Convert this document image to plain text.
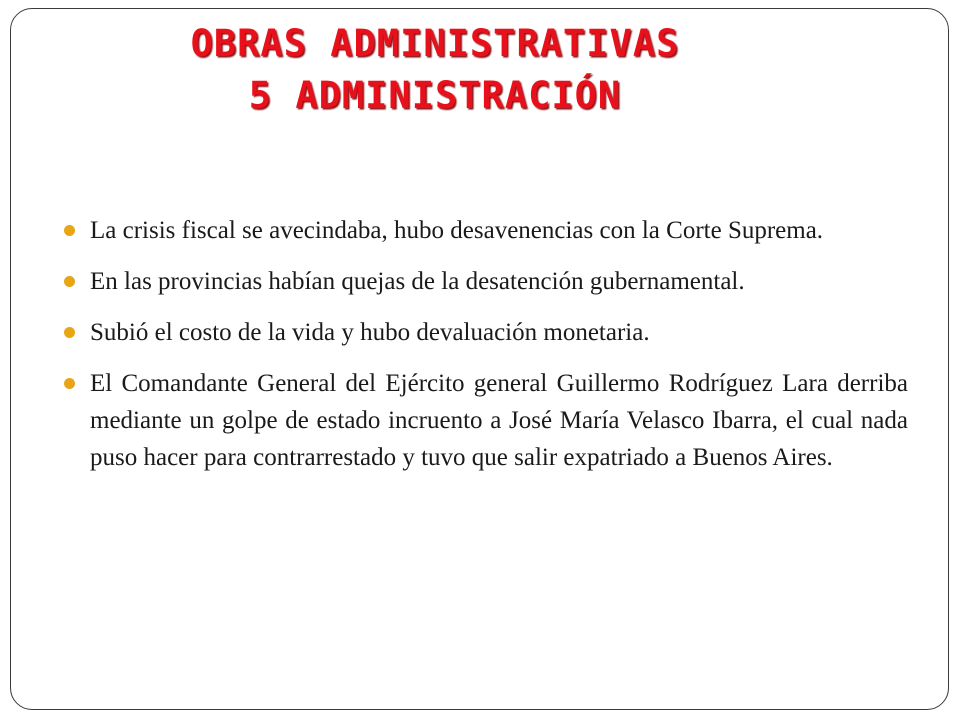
OBRAS ADMINISTRATIVAS
5 ADMINISTRACIÓN
La crisis fiscal se avecindaba, hubo desavenencias con la Corte Suprema.
En las provincias habían quejas de la desatención gubernamental.
Subió el costo de la vida y hubo devaluación monetaria.
El Comandante General del Ejército general Guillermo Rodríguez Lara derriba mediante un golpe de estado incruento a José María Velasco Ibarra, el cual nada puso hacer para contrarrestado y tuvo que salir expatriado a Buenos Aires.
